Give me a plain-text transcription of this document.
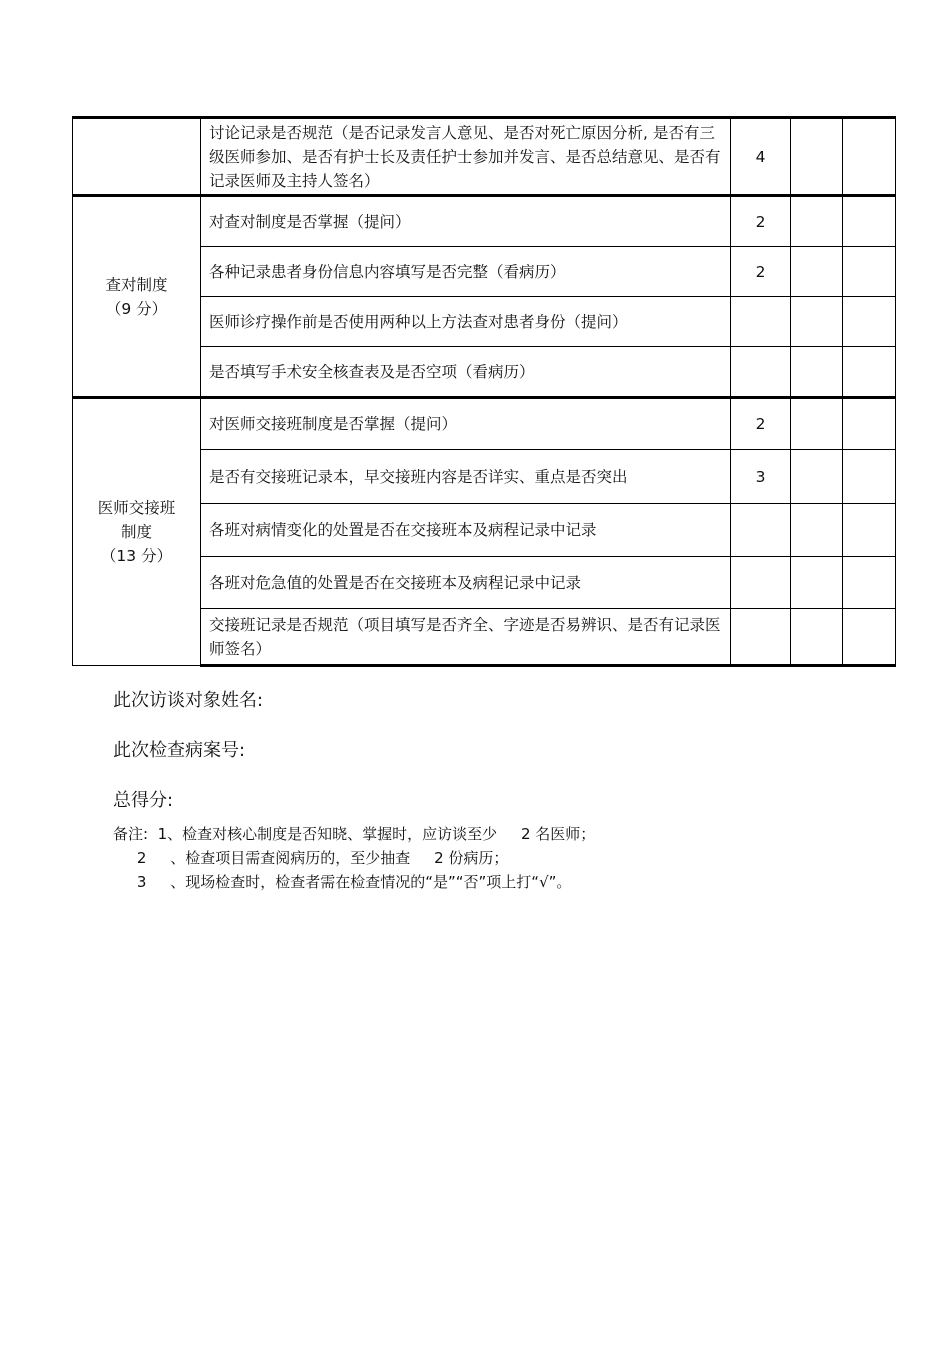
	讨论记录是否规范（是否记录发言人意见、是否对死亡原因分析, 是否有三级医师参加、是否有护士长及责任护士参加并发言、是否总结意见、是否有记录医师及主持人签名）	4		

查对制度
（9 分）	对查对制度是否掌握（提问）	2		
	各种记录患者身份信息内容填写是否完整（看病历）	2		
	医师诊疗操作前是否使用两种以上方法查对患者身份（提问）			
	是否填写手术安全核查表及是否空项（看病历）			

医师交接班
制度
（13 分）	对医师交接班制度是否掌握（提问）	2		
	是否有交接班记录本，早交接班内容是否详实、重点是否突出	3		
	各班对病情变化的处置是否在交接班本及病程记录中记录			
	各班对危急值的处置是否在交接班本及病程记录中记录			
	交接班记录是否规范（项目填写是否齐全、字迹是否易辨识、是否有记录医师签名）			
此次访谈对象姓名:
此次检查病案号:
总得分:
备注:  1、检查对核心制度是否知晓、掌握时，应访谈至少     2 名医师；
2     、检查项目需查阅病历的，至少抽查     2 份病历；
3     、现场检查时，检查者需在检查情况的“是”“否”项上打“√”。
